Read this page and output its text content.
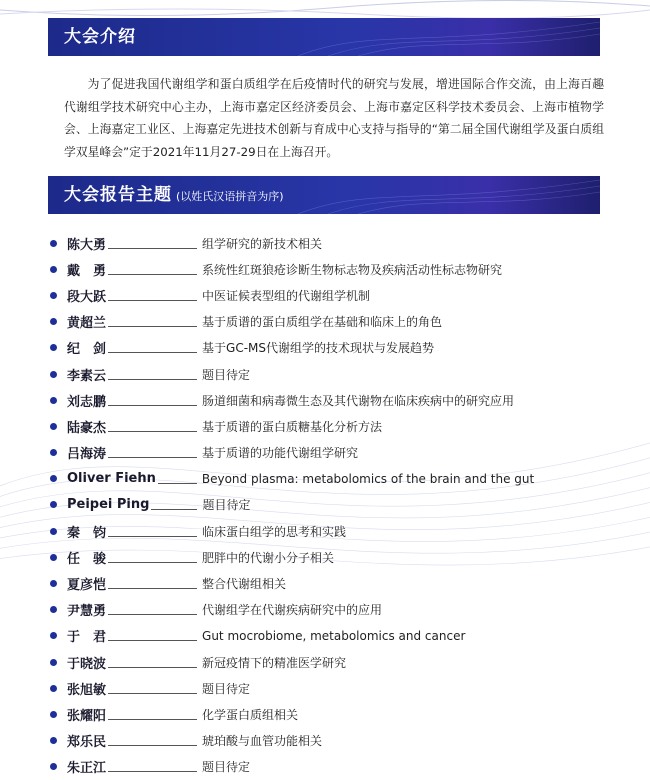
大会介绍

为了促进我国代谢组学和蛋白质组学在后疫情时代的研究与发展，增进国际合作交流，由上海百趣代谢组学技术研究中心主办，上海市嘉定区经济委员会、上海市嘉定区科学技术委员会、上海市植物学会、上海嘉定工业区、上海嘉定先进技术创新与育成中心支持与指导的“第二届全国代谢组学及蛋白质组学双星峰会”定于2021年11月27-29日在上海召开。

大会报告主题 (以姓氏汉语拼音为序)
陈大勇	组学研究的新技术相关
戴　勇	系统性红斑狼疮诊断生物标志物及疾病活动性标志物研究
段大跃	中医证候表型组的代谢组学机制
黄超兰	基于质谱的蛋白质组学在基础和临床上的角色
纪　剑	基于GC-MS代谢组学的技术现状与发展趋势
李素云	题目待定
刘志鹏	肠道细菌和病毒微生态及其代谢物在临床疾病中的研究应用
陆豪杰	基于质谱的蛋白质糖基化分析方法
吕海涛	基于质谱的功能代谢组学研究
Oliver Fiehn	Beyond plasma: metabolomics of the brain and the gut
Peipei Ping	题目待定
秦　钧	临床蛋白组学的思考和实践
任　骏	肥胖中的代谢小分子相关
夏彦恺	整合代谢组相关
尹慧勇	代谢组学在代谢疾病研究中的应用
于　君	Gut mocrobiome, metabolomics and cancer
于晓波	新冠疫情下的精准医学研究
张旭敏	题目待定
张耀阳	化学蛋白质组相关
郑乐民	琥珀酸与血管功能相关
朱正江	题目待定
